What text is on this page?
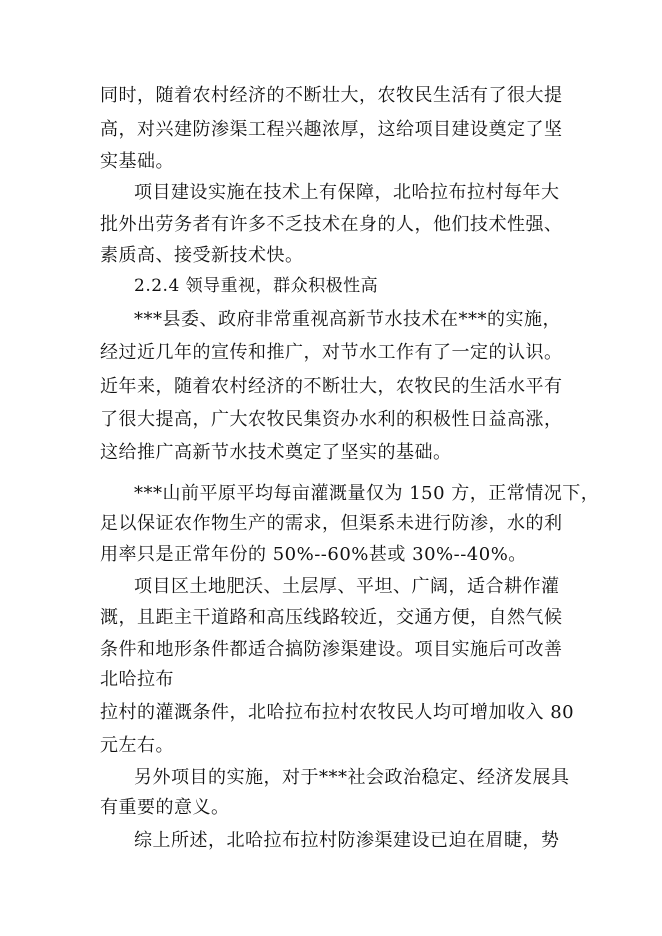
同时，随着农村经济的不断壮大，农牧民生活有了很大提
高，对兴建防渗渠工程兴趣浓厚，这给项目建设奠定了坚
实基础。
项目建设实施在技术上有保障，北哈拉布拉村每年大
批外出劳务者有许多不乏技术在身的人，他们技术性强、
素质高、接受新技术快。
2.2.4 领导重视，群众积极性高
***县委、政府非常重视高新节水技术在***的实施，
经过近几年的宣传和推广，对节水工作有了一定的认识。
近年来，随着农村经济的不断壮大，农牧民的生活水平有
了很大提高，广大农牧民集资办水利的积极性日益高涨，
这给推广高新节水技术奠定了坚实的基础。
***山前平原平均每亩灌溉量仅为 150 方，正常情况下，
足以保证农作物生产的需求，但渠系未进行防渗，水的利
用率只是正常年份的 50%--60%甚或 30%--40%。
项目区土地肥沃、土层厚、平坦、广阔，适合耕作灌
溉，且距主干道路和高压线路较近，交通方便，自然气候
条件和地形条件都适合搞防渗渠建设。项目实施后可改善
北哈拉布
拉村的灌溉条件，北哈拉布拉村农牧民人均可增加收入 80
元左右。
另外项目的实施，对于***社会政治稳定、经济发展具
有重要的意义。
综上所述，北哈拉布拉村防渗渠建设已迫在眉睫，势
